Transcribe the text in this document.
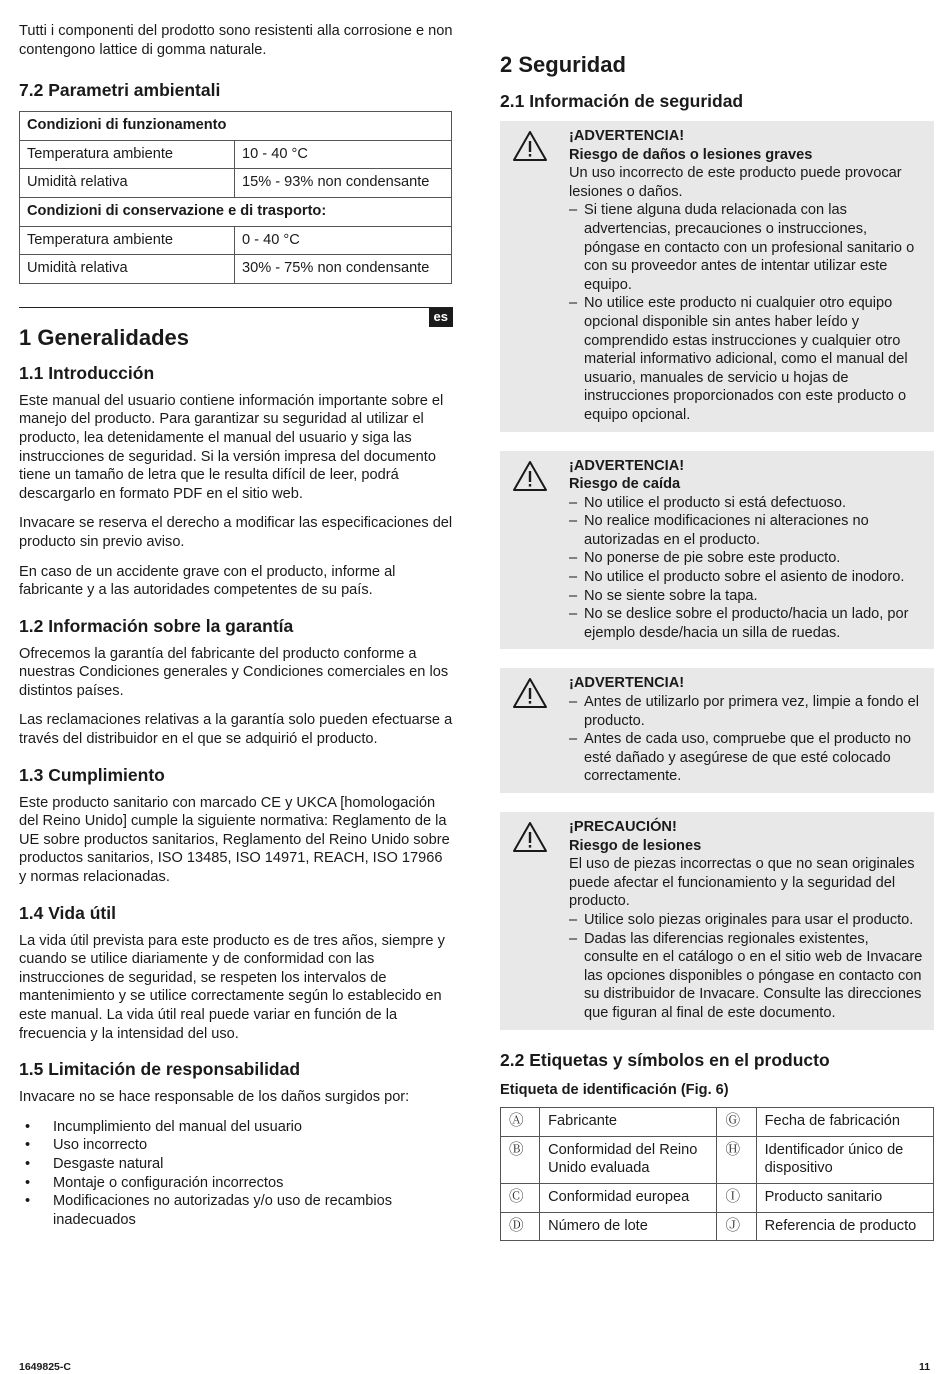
Tutti i componenti del prodotto sono resistenti alla corrosione e non contengono lattice di gomma naturale.

7.2 Parametri ambientali
Condizioni di funzionamento	
Temperatura ambiente	10 - 40 °C
Umidità relativa	15% - 93% non condensante
Condizioni di conservazione e di trasporto:	
Temperatura ambiente	0 - 40 °C
Umidità relativa	30% - 75% non condensante
es
1 Generalidades
1.1 Introducción

Este manual del usuario contiene información importante sobre el manejo del producto. Para garantizar su seguridad al utilizar el producto, lea detenidamente el manual del usuario y siga las instrucciones de seguridad. Si la versión impresa del documento tiene un tamaño de letra que le resulta difícil de leer, podrá descargarlo en formato PDF en el sitio web.

Invacare se reserva el derecho a modificar las especificaciones del producto sin previo aviso.

En caso de un accidente grave con el producto, informe al fabricante y a las autoridades competentes de su país.

1.2 Información sobre la garantía

Ofrecemos la garantía del fabricante del producto conforme a nuestras Condiciones generales y Condiciones comerciales en los distintos países.

Las reclamaciones relativas a la garantía solo pueden efectuarse a través del distribuidor en el que se adquirió el producto.

1.3 Cumplimiento

Este producto sanitario con marcado CE y UKCA [homologación del Reino Unido] cumple la siguiente normativa: Reglamento de la UE sobre productos sanitarios, Reglamento del Reino Unido sobre productos sanitarios, ISO 13485, ISO 14971, REACH, ISO 17966 y normas relacionadas.

1.4 Vida útil

La vida útil prevista para este producto es de tres años, siempre y cuando se utilice diariamente y de conformidad con las instrucciones de seguridad, se respeten los intervalos de mantenimiento y se utilice correctamente según lo establecido en este manual. La vida útil real puede variar en función de la frecuencia y la intensidad del uso.

1.5 Limitación de responsabilidad

Invacare no se hace responsable de los daños surgidos por:

• Incumplimiento del manual del usuario
• Uso incorrecto
• Desgaste natural
• Montaje o configuración incorrectos
• Modificaciones no autorizadas y/o uso de recambios inadecuados
2 Seguridad
2.1 Información de seguridad
¡ADVERTENCIA!
Riesgo de daños o lesiones graves
Un uso incorrecto de este producto puede provocar lesiones o daños.
– Si tiene alguna duda relacionada con las advertencias, precauciones o instrucciones, póngase en contacto con un profesional sanitario o con su proveedor antes de intentar utilizar este equipo.
– No utilice este producto ni cualquier otro equipo opcional disponible sin antes haber leído y comprendido estas instrucciones y cualquier otro material informativo adicional, como el manual del usuario, manuales de servicio u hojas de instrucciones proporcionados con este producto o equipo opcional.
¡ADVERTENCIA!
Riesgo de caída
– No utilice el producto si está defectuoso.
– No realice modificaciones ni alteraciones no autorizadas en el producto.
– No ponerse de pie sobre este producto.
– No utilice el producto sobre el asiento de inodoro.
– No se siente sobre la tapa.
– No se deslice sobre el producto/hacia un lado, por ejemplo desde/hacia un silla de ruedas.
¡ADVERTENCIA!
– Antes de utilizarlo por primera vez, limpie a fondo el producto.
– Antes de cada uso, compruebe que el producto no esté dañado y asegúrese de que esté colocado correctamente.
¡PRECAUCIÓN!
Riesgo de lesiones
El uso de piezas incorrectas o que no sean originales puede afectar el funcionamiento y la seguridad del producto.
– Utilice solo piezas originales para usar el producto.
– Dadas las diferencias regionales existentes, consulte en el catálogo o en el sitio web de Invacare las opciones disponibles o póngase en contacto con su distribuidor de Invacare. Consulte las direcciones que figuran al final de este documento.
2.2 Etiquetas y símbolos en el producto

Etiqueta de identificación (Fig. 6)

Ⓐ	Fabricante	Ⓖ	Fecha de fabricación
Ⓑ	Conformidad del Reino Unido evaluada	Ⓗ	Identificador único de dispositivo
Ⓒ	Conformidad europea	Ⓘ	Producto sanitario
Ⓓ	Número de lote	Ⓙ	Referencia de producto
1649825-C	11
